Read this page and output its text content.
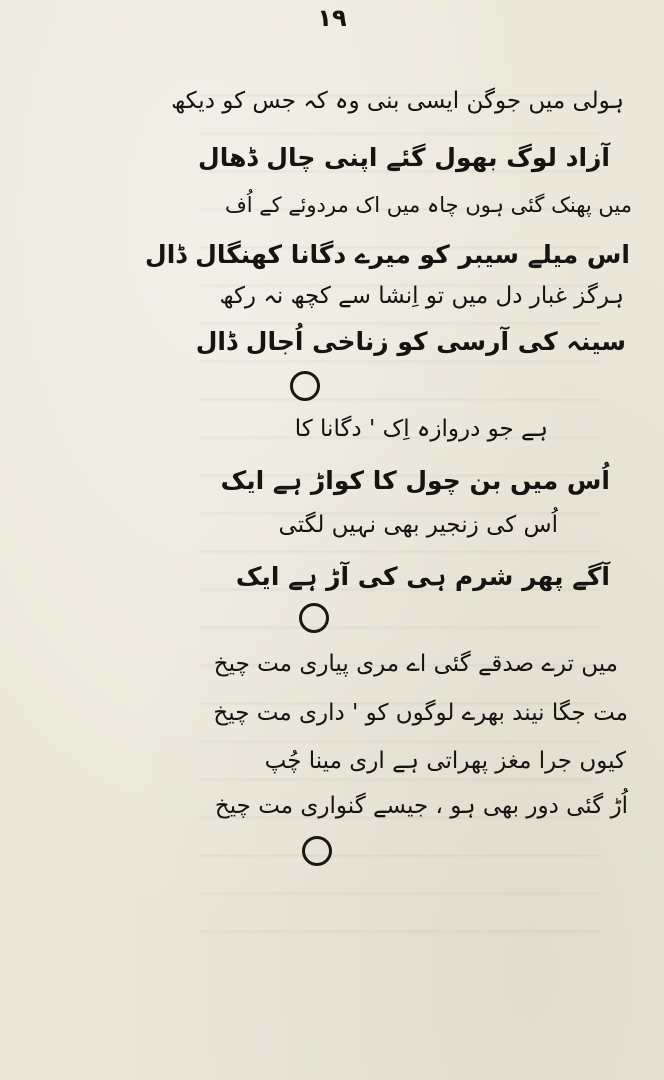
١٩
ہولی میں جوگن ایسی بنی وہ کہ جس کو دیکھ
آزاد لوگ بھول گئے اپنی چال ڈھال
میں پھنک گئی ہوں چاہ میں اک مردوئے کے اُف
اس میلے سیبر کو میرے دگانا کھنگال ڈال
ہرگز غبار دل میں تو اِنشا سے کچھ نہ رکھ
سینہ کی آرسی کو زناخی اُجال ڈال
ہے جو دروازہ اِک ' دگانا کا
اُس میں بن چول کا کواڑ ہے ایک
اُس کی زنجیر بھی نہیں لگتی
آگے پھر شرم ہی کی آڑ ہے ایک
میں ترے صدقے گئی اے مری پیاری مت چیخ
مت جگا نیند بھرے لوگوں کو ' داری مت چیخ
کیوں جرا مغز پھراتی ہے اری مینا چُپ
اُڑ گئی دور بھی ہو ، جیسے گنواری مت چیخ
